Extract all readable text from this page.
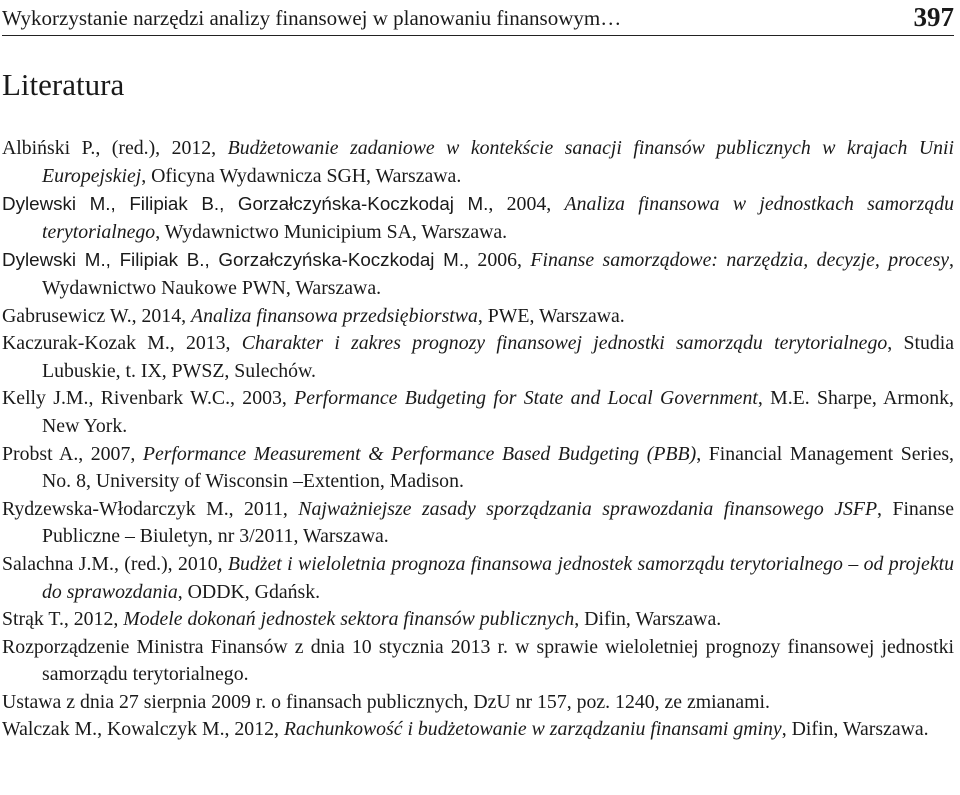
Wykorzystanie narzędzi analizy finansowej w planowaniu finansowym…	397
Literatura
Albiński P., (red.), 2012, Budżetowanie zadaniowe w kontekście sanacji finansów publicznych w krajach Unii Europejskiej, Oficyna Wydawnicza SGH, Warszawa.
Dylewski M., Filipiak B., Gorzałczyńska-Koczkodaj M., 2004, Analiza finansowa w jednostkach samorządu terytorialnego, Wydawnictwo Municipium SA, Warszawa.
Dylewski M., Filipiak B., Gorzałczyńska-Koczkodaj M., 2006, Finanse samorządowe: narzędzia, decyzje, procesy, Wydawnictwo Naukowe PWN, Warszawa.
Gabrusewicz W., 2014, Analiza finansowa przedsiębiorstwa, PWE, Warszawa.
Kaczurak-Kozak M., 2013, Charakter i zakres prognozy finansowej jednostki samorządu terytorialnego, Studia Lubuskie, t. IX, PWSZ, Sulechów.
Kelly J.M., Rivenbark W.C., 2003, Performance Budgeting for State and Local Government, M.E. Sharpe, Armonk, New York.
Probst A., 2007, Performance Measurement & Performance Based Budgeting (PBB), Financial Management Series, No. 8, University of Wisconsin –Extention, Madison.
Rydzewska-Włodarczyk M., 2011, Najważniejsze zasady sporządzania sprawozdania finansowego JSFP, Finanse Publiczne – Biuletyn, nr 3/2011, Warszawa.
Salachna J.M., (red.), 2010, Budżet i wieloletnia prognoza finansowa jednostek samorządu terytorialnego – od projektu do sprawozdania, ODDK, Gdańsk.
Strąk T., 2012, Modele dokonań jednostek sektora finansów publicznych, Difin, Warszawa.
Rozporządzenie Ministra Finansów z dnia 10 stycznia 2013 r. w sprawie wieloletniej prognozy finansowej jednostki samorządu terytorialnego.
Ustawa z dnia 27 sierpnia 2009 r. o finansach publicznych, DzU nr 157, poz. 1240, ze zmianami.
Walczak M., Kowalczyk M., 2012, Rachunkowość i budżetowanie w zarządzaniu finansami gminy, Difin, Warszawa.
